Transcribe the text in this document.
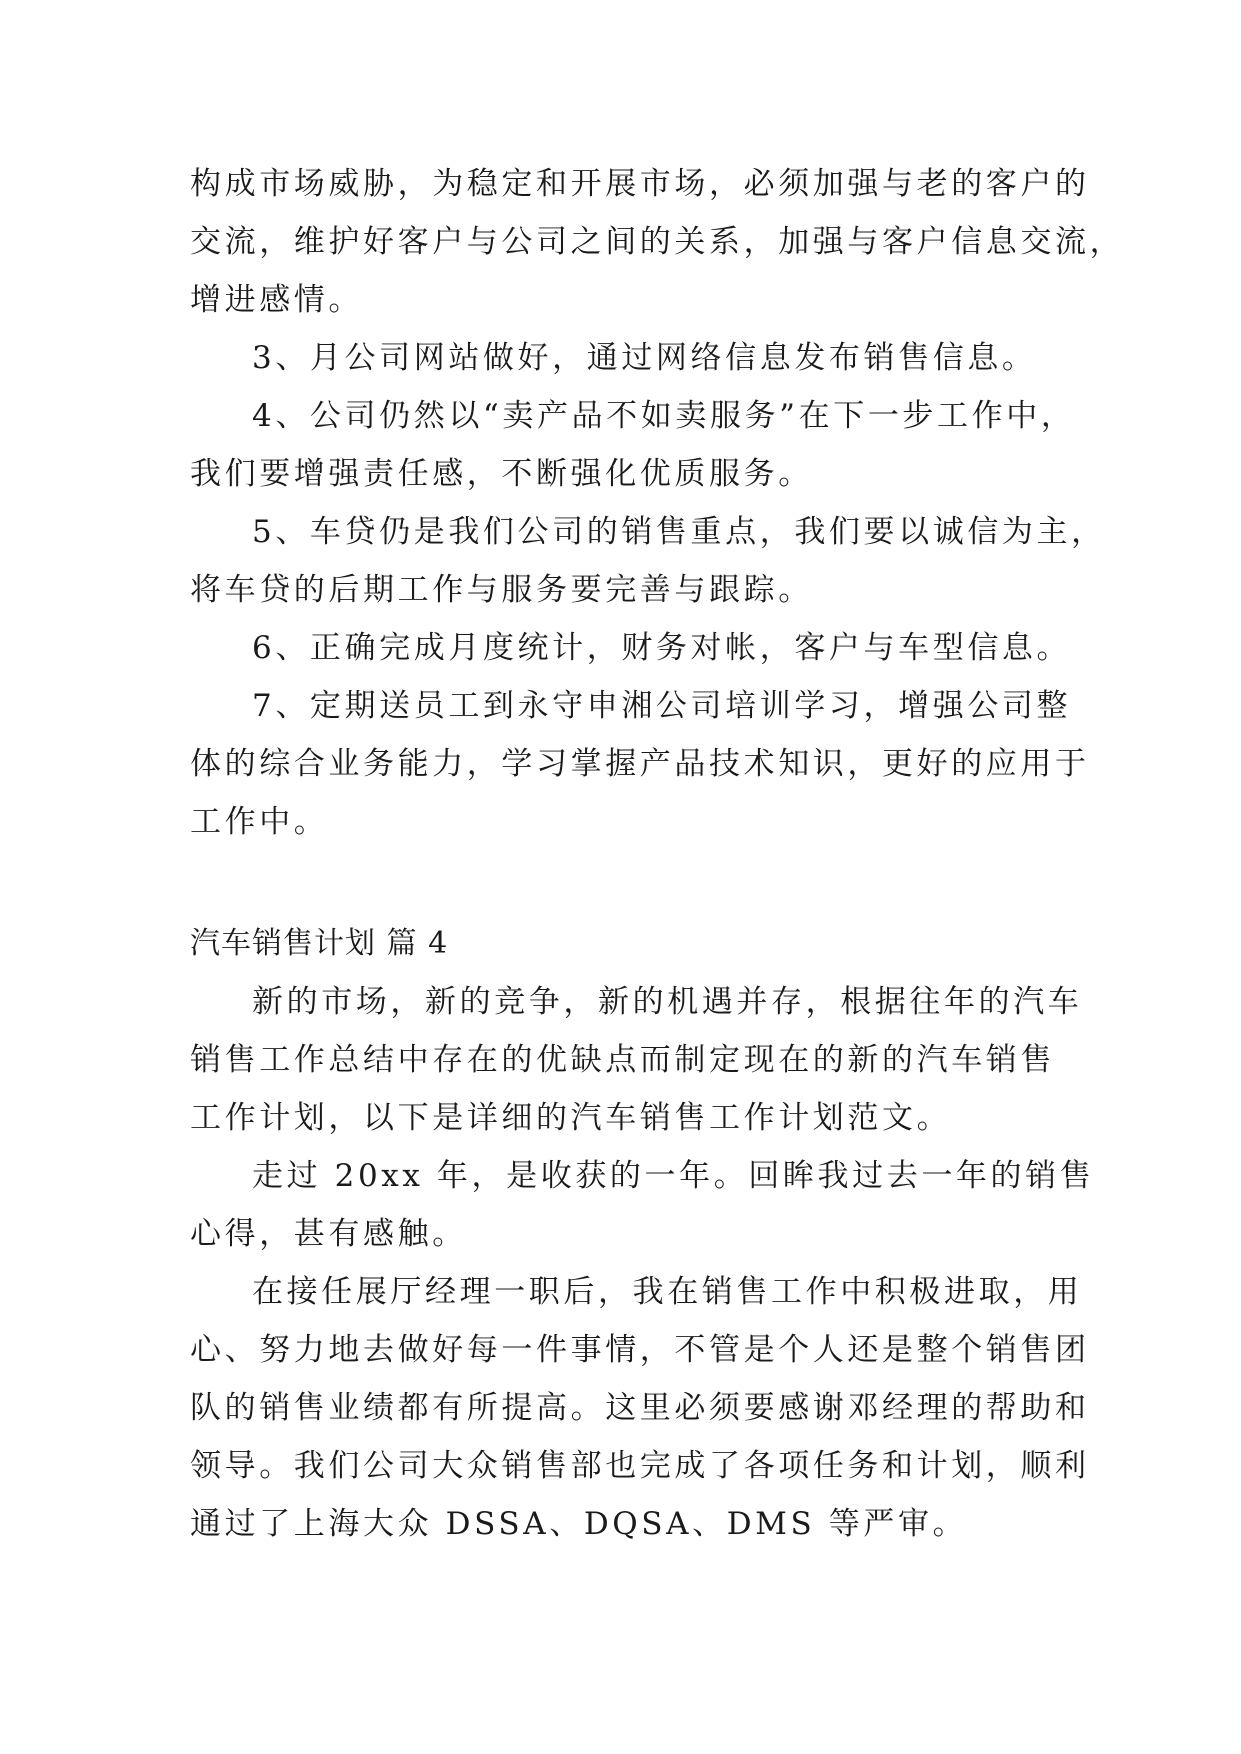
构成市场威胁，为稳定和开展市场，必须加强与老的客户的
交流，维护好客户与公司之间的关系，加强与客户信息交流，
增进感情。
3、月公司网站做好，通过网络信息发布销售信息。
4、公司仍然以“卖产品不如卖服务”在下一步工作中，
我们要增强责任感，不断强化优质服务。
5、车贷仍是我们公司的销售重点，我们要以诚信为主，
将车贷的后期工作与服务要完善与跟踪。
6、正确完成月度统计，财务对帐，客户与车型信息。
7、定期送员工到永守申湘公司培训学习，增强公司整
体的综合业务能力，学习掌握产品技术知识，更好的应用于
工作中。
汽车销售计划 篇 4
新的市场，新的竞争，新的机遇并存，根据往年的汽车
销售工作总结中存在的优缺点而制定现在的新的汽车销售
工作计划，以下是详细的汽车销售工作计划范文。
走过 20xx 年，是收获的一年。回眸我过去一年的销售
心得，甚有感触。
在接任展厅经理一职后，我在销售工作中积极进取，用
心、努力地去做好每一件事情，不管是个人还是整个销售团
队的销售业绩都有所提高。这里必须要感谢邓经理的帮助和
领导。我们公司大众销售部也完成了各项任务和计划，顺利
通过了上海大众 DSSA、DQSA、DMS 等严审。
